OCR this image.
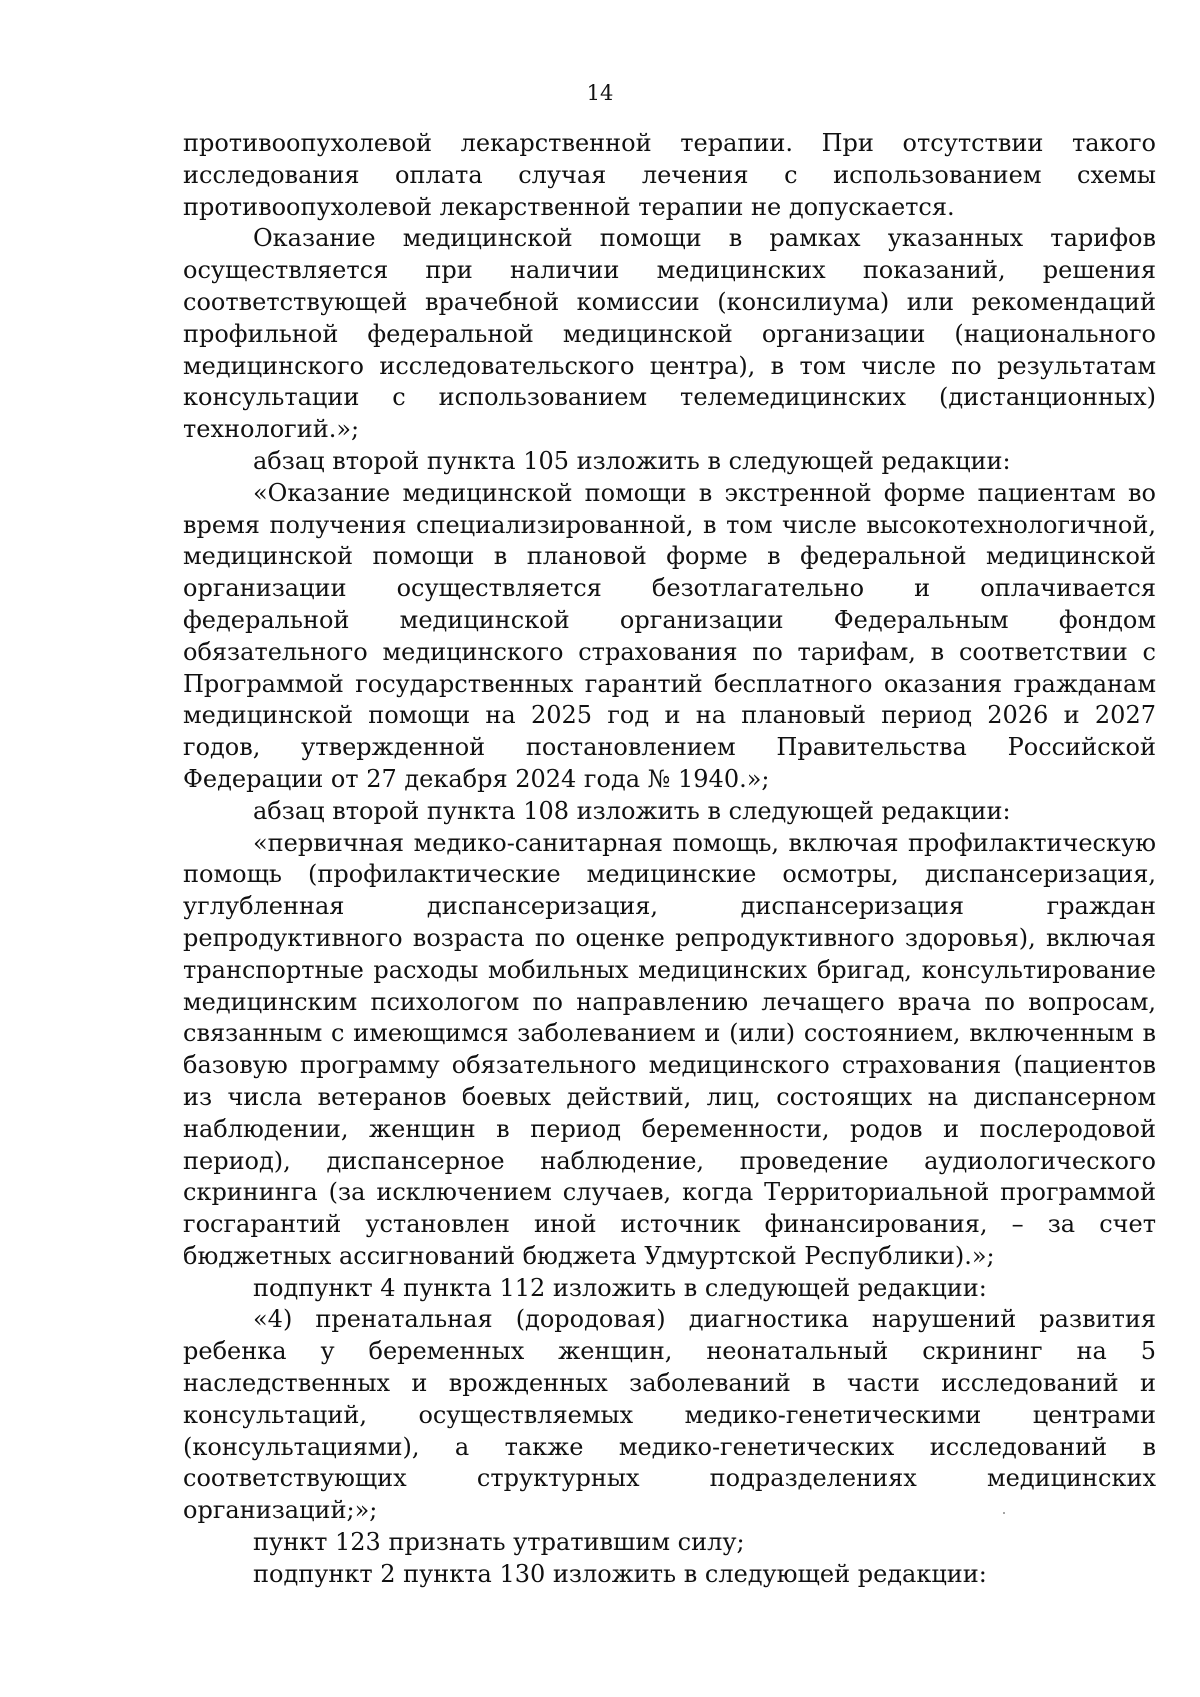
14

противоопухолевой лекарственной терапии. При отсутствии такого исследования оплата случая лечения с использованием схемы противоопухолевой лекарственной терапии не допускается.

Оказание медицинской помощи в рамках указанных тарифов осуществляется при наличии медицинских показаний, решения соответствующей врачебной комиссии (консилиума) или рекомендаций профильной федеральной медицинской организации (национального медицинского исследовательского центра), в том числе по результатам консультации с использованием телемедицинских (дистанционных) технологий.»;

абзац второй пункта 105 изложить в следующей редакции:

«Оказание медицинской помощи в экстренной форме пациентам во время получения специализированной, в том числе высокотехнологичной, медицинской помощи в плановой форме в федеральной медицинской организации осуществляется безотлагательно и оплачивается федеральной медицинской организации Федеральным фондом обязательного медицинского страхования по тарифам, в соответствии с Программой государственных гарантий бесплатного оказания гражданам медицинской помощи на 2025 год и на плановый период 2026 и 2027 годов, утвержденной постановлением Правительства Российской Федерации от 27 декабря 2024 года № 1940.»;

абзац второй пункта 108 изложить в следующей редакции:

«первичная медико-санитарная помощь, включая профилактическую помощь (профилактические медицинские осмотры, диспансеризация, углубленная диспансеризация, диспансеризация граждан репродуктивного возраста по оценке репродуктивного здоровья), включая транспортные расходы мобильных медицинских бригад, консультирование медицинским психологом по направлению лечащего врача по вопросам, связанным с имеющимся заболеванием и (или) состоянием, включенным в базовую программу обязательного медицинского страхования (пациентов из числа ветеранов боевых действий, лиц, состоящих на диспансерном наблюдении, женщин в период беременности, родов и послеродовой период), диспансерное наблюдение, проведение аудиологического скрининга (за исключением случаев, когда Территориальной программой госгарантий установлен иной источник финансирования, – за счет бюджетных ассигнований бюджета Удмуртской Республики).»;

подпункт 4 пункта 112 изложить в следующей редакции:

«4) пренатальная (дородовая) диагностика нарушений развития ребенка у беременных женщин, неонатальный скрининг на 5 наследственных и врожденных заболеваний в части исследований и консультаций, осуществляемых медико-генетическими центрами (консультациями), а также медико-генетических исследований в соответствующих структурных подразделениях медицинских организаций;»;

пункт 123 признать утратившим силу;

подпункт 2 пункта 130 изложить в следующей редакции:
